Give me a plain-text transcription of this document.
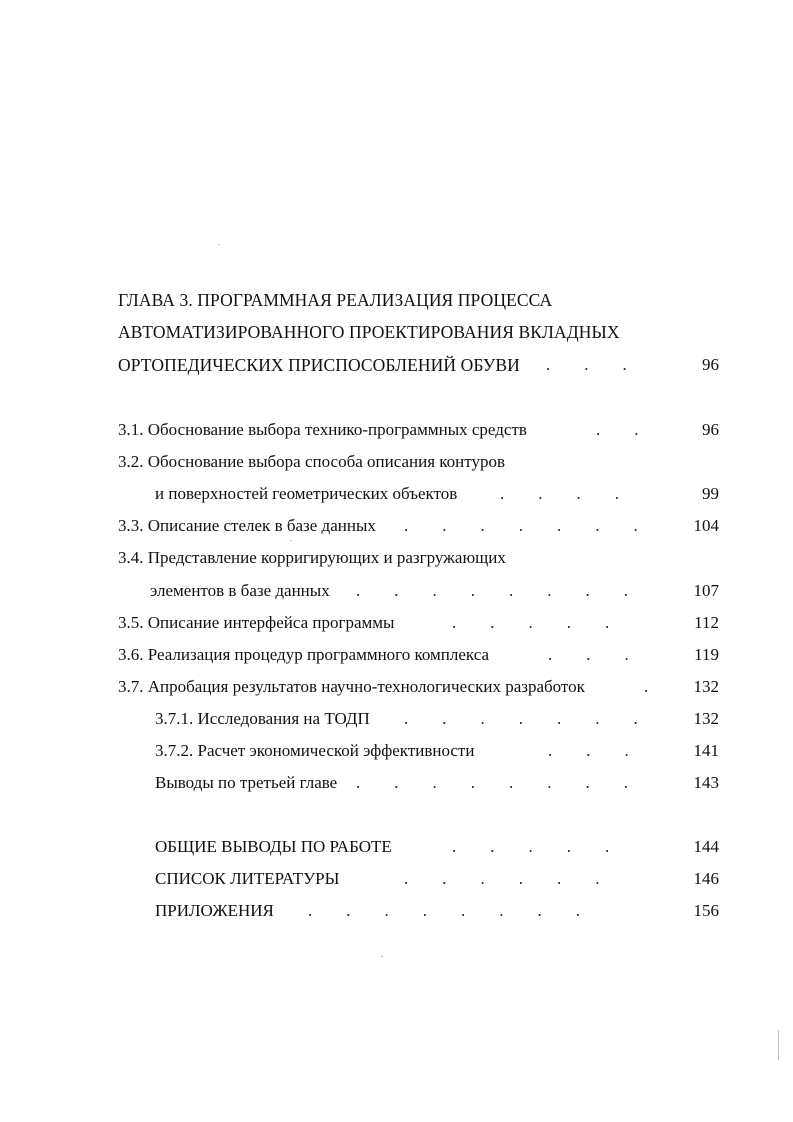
ГЛАВА 3. ПРОГРАММНАЯ РЕАЛИЗАЦИЯ ПРОЦЕССА
АВТОМАТИЗИРОВАННОГО ПРОЕКТИРОВАНИЯ ВКЛАДНЫХ
ОРТОПЕДИЧЕСКИХ ПРИСПОСОБЛЕНИЙ ОБУВИ .  .  .	96
3.1. Обоснование выбора технико-программных средств	.  .	96
3.2. Обоснование выбора способа описания контуров
и поверхностей геометрических объектов	.  .  .  .	99
3.3. Описание стелек в базе данных .  .  .  .  .  .  .	104
3.4. Представление корригирующих и разгружающих
элементов в базе данных .  .  .  .  .  .  .  .	107
3.5. Описание интерфейса программы	.  .  .  .  .	112
3.6. Реализация процедур программного комплекса	.  .  .	119
3.7. Апробация результатов научно-технологических разработок	.	132
3.7.1. Исследования на ТОДП .  .  .  .  .  .  .	132
3.7.2. Расчет экономической эффективности	.  .  .	141
Выводы по третьей главе .  .  .  .  .  .  .  .	143
ОБЩИЕ ВЫВОДЫ ПО РАБОТЕ	.  .  .  .  .	144
СПИСОК ЛИТЕРАТУРЫ	.  .  .  .  .  .	146
ПРИЛОЖЕНИЯ .  .  .  .  .  .  .  .	156
